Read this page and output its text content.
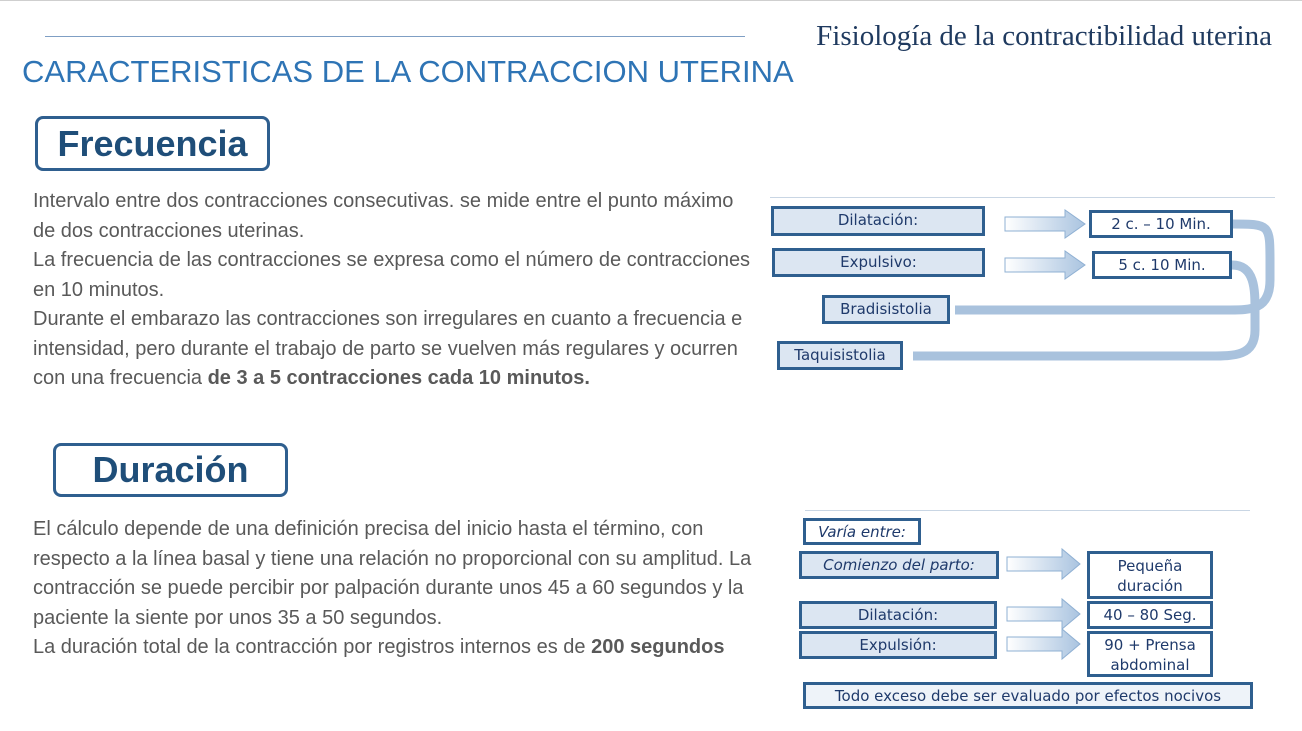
Fisiología de la contractibilidad uterina
CARACTERISTICAS DE LA CONTRACCION UTERINA
Frecuencia

Intervalo entre dos contracciones consecutivas. se mide entre el punto máximo de dos contracciones uterinas.

La frecuencia de las contracciones se expresa como el número de contracciones en 10 minutos.

Durante el embarazo las contracciones son irregulares en cuanto a frecuencia e intensidad, pero durante el trabajo de parto se vuelven más regulares y ocurren con una frecuencia de 3 a 5 contracciones cada 10 minutos.

Duración

El cálculo depende de una definición precisa del inicio hasta el término, con respecto a la línea basal y tiene una relación no proporcional con su amplitud. La contracción se puede percibir por palpación durante unos 45 a 60 segundos y la paciente la siente por unos 35 a 50 segundos.

La duración total de la contracción por registros internos es de 200 segundos

Dilatación:	2 c. – 10 Min.
Expulsivo:	5 c. 10 Min.
Bradisistolia
Taquisistolia
Varía entre:
Comienzo del parto:	Pequeña duración
Dilatación:	40 – 80 Seg.
Expulsión:	90 + Prensa abdominal
Todo exceso debe ser evaluado por efectos nocivos
